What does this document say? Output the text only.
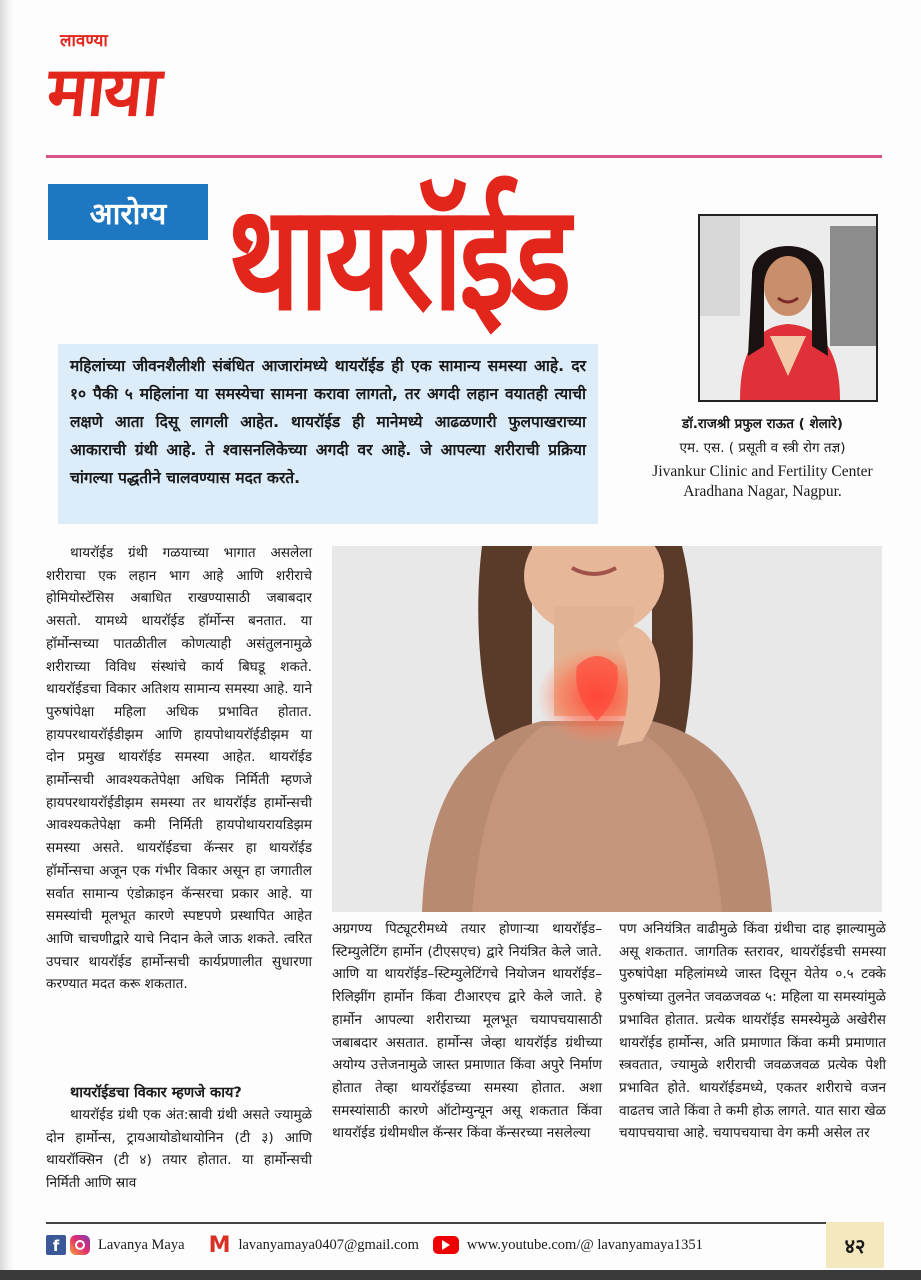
लावण्या
माया
आरोग्य थायरॉईड
महिलांच्या जीवनशैलीशी संबंधित आजारांमध्ये थायरॉईड ही एक सामान्य समस्या आहे. दर १० पैकी ५ महिलांना या समस्येचा सामना करावा लागतो, तर अगदी लहान वयातही त्याची लक्षणे आता दिसू लागली आहेत. थायरॉईड ही मानेमध्ये आढळणारी फुलपाखराच्या आकाराची ग्रंथी आहे. ते श्वासनलिकेच्या अगदी वर आहे. जे आपल्या शरीराची प्रक्रिया चांगल्या पद्धतीने चालवण्यास मदत करते.
डॉ.राजश्री प्रफुल राऊत ( शेलारे)
एम. एस. ( प्रसूती व स्त्री रोग तज्ञ)
Jivankur Clinic and Fertility Center
Aradhana Nagar, Nagpur.

थायरॉईड ग्रंथी गळयाच्या भागात असलेला शरीराचा एक लहान भाग आहे आणि शरीराचे होमियोस्टॅसिस अबाधित राखण्यासाठी जबाबदार असतो. यामध्ये थायरॉईड हॉर्मोन्स बनतात. या हॉर्मोन्सच्या पातळीतील कोणत्याही असंतुलनामुळे शरीराच्या विविध संस्थांचे कार्य बिघडू शकते. थायरॉईडचा विकार अतिशय सामान्य समस्या आहे. याने पुरुषांपेक्षा महिला अधिक प्रभावित होतात. हायपरथायरॉईडीझम आणि हायपोथायरॉईडीझम या दोन प्रमुख थायरॉईड समस्या आहेत. थायरॉईड हार्मोन्सची आवश्यकतेपेक्षा अधिक निर्मिती म्हणजे हायपरथायरॉईडीझम समस्या तर थायरॉईड हार्मोन्सची आवश्यकतेपेक्षा कमी निर्मिती हायपोथायरायडिझम समस्या असते. थायरॉईडचा कॅन्सर हा थायरॉईड हॉर्मोन्सचा अजून एक गंभीर विकार असून हा जगातील सर्वात सामान्य एंडोक्राइन कॅन्सरचा प्रकार आहे. या समस्यांची मूलभूत कारणे स्पष्टपणे प्रस्थापित आहेत आणि चाचणीद्वारे याचे निदान केले जाऊ शकते. त्वरित उपचार थायरॉईड हार्मोन्सची कार्यप्रणालीत सुधारणा करण्यात मदत करू शकतात.

थायरॉईडचा विकार म्हणजे काय?

थायरॉईड ग्रंथी एक अंत:स्रावी ग्रंथी असते ज्यामुळे दोन हार्मोन्स, ट्रायआयोडोथायोनिन (टी ३) आणि थायरॉक्सिन (टी ४) तयार होतात. या हार्मोन्सची निर्मिती आणि स्राव

अग्रगण्य पिट्यूटरीमध्ये तयार होणाऱ्या थायरॉईड–स्टिम्युलेटिंग हार्मोन (टीएसएच) द्वारे नियंत्रित केले जाते. आणि या थायरॉईड–स्टिम्युलेटिंगचे नियोजन थायरॉईड–रिलिझींग हार्मोन किंवा टीआरएच द्वारे केले जाते. हे हार्मोन आपल्या शरीराच्या मूलभूत चयापचयासाठी जबाबदार असतात. हार्मोन्स जेव्हा थायरॉईड ग्रंथीच्या अयोग्य उत्तेजनामुळे जास्त प्रमाणात किंवा अपुरे निर्माण होतात तेव्हा थायरॉईडच्या समस्या होतात. अशा समस्यांसाठी कारणे ऑटोम्युन्यून असू शकतात किंवा थायरॉईड ग्रंथीमधील कॅन्सर किंवा कॅन्सरच्या नसलेल्या
पण अनियंत्रित वाढीमुळे किंवा ग्रंथीचा दाह झाल्यामुळे असू शकतात. जागतिक स्तरावर, थायरॉईडची समस्या पुरुषांपेक्षा महिलांमध्ये जास्त दिसून येतेय ०.५ टक्के पुरुषांच्या तुलनेत जवळजवळ ५: महिला या समस्यांमुळे प्रभावित होतात. प्रत्येक थायरॉईड समस्येमुळे अखेरीस थायरॉईड हार्मोन्स, अति प्रमाणात किंवा कमी प्रमाणात स्त्रवतात, ज्यामुळे शरीराची जवळजवळ प्रत्येक पेशी प्रभावित होते. थायरॉईडमध्ये, एकतर शरीराचे वजन वाढतच जाते किंवा ते कमी होऊ लागते. यात सारा खेळ चयापचयाचा आहे. चयापचयाचा वेग कमी असेल तर
f	Lavanya Maya M lavanyamaya0407@gmail.com	www.youtube.com/@ lavanyamaya1351	४२
